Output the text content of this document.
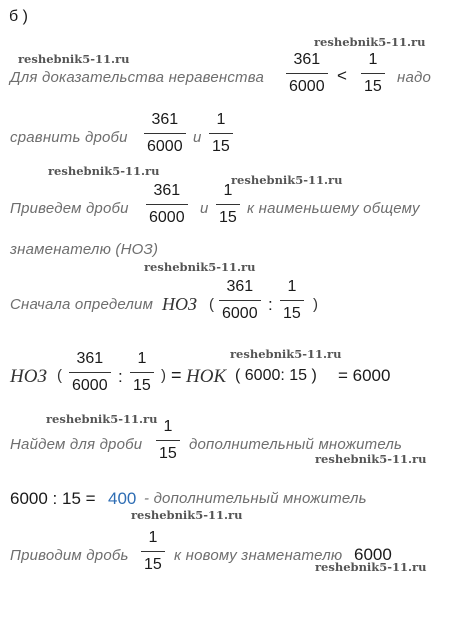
б )
reshebnik5-11.ru
reshebnik5-11.ru
reshebnik5-11.ru
reshebnik5-11.ru
reshebnik5-11.ru
reshebnik5-11.ru
reshebnik5-11.ru
reshebnik5-11.ru
reshebnik5-11.ru
reshebnik5-11.ru
Для доказательства неравенства
361
6000
<
1
15
надо
сравнить дроби
361
6000
и
1
15
Приведем дроби
361
6000
и
1
15
к наименьшему общему
знаменателю (НОЗ)
Сначала определим НОЗ (
361
6000 :
1
15
)
НОЗ (
361
6000 :
1
15
) = НОК ( 6000: 15 ) = 6000
Найдем для дроби
1
15
дополнительный множитель
6000 : 15 = 400 - дополнительный множитель
Приводим дробь
1
15
к новому знаменателю 6000
